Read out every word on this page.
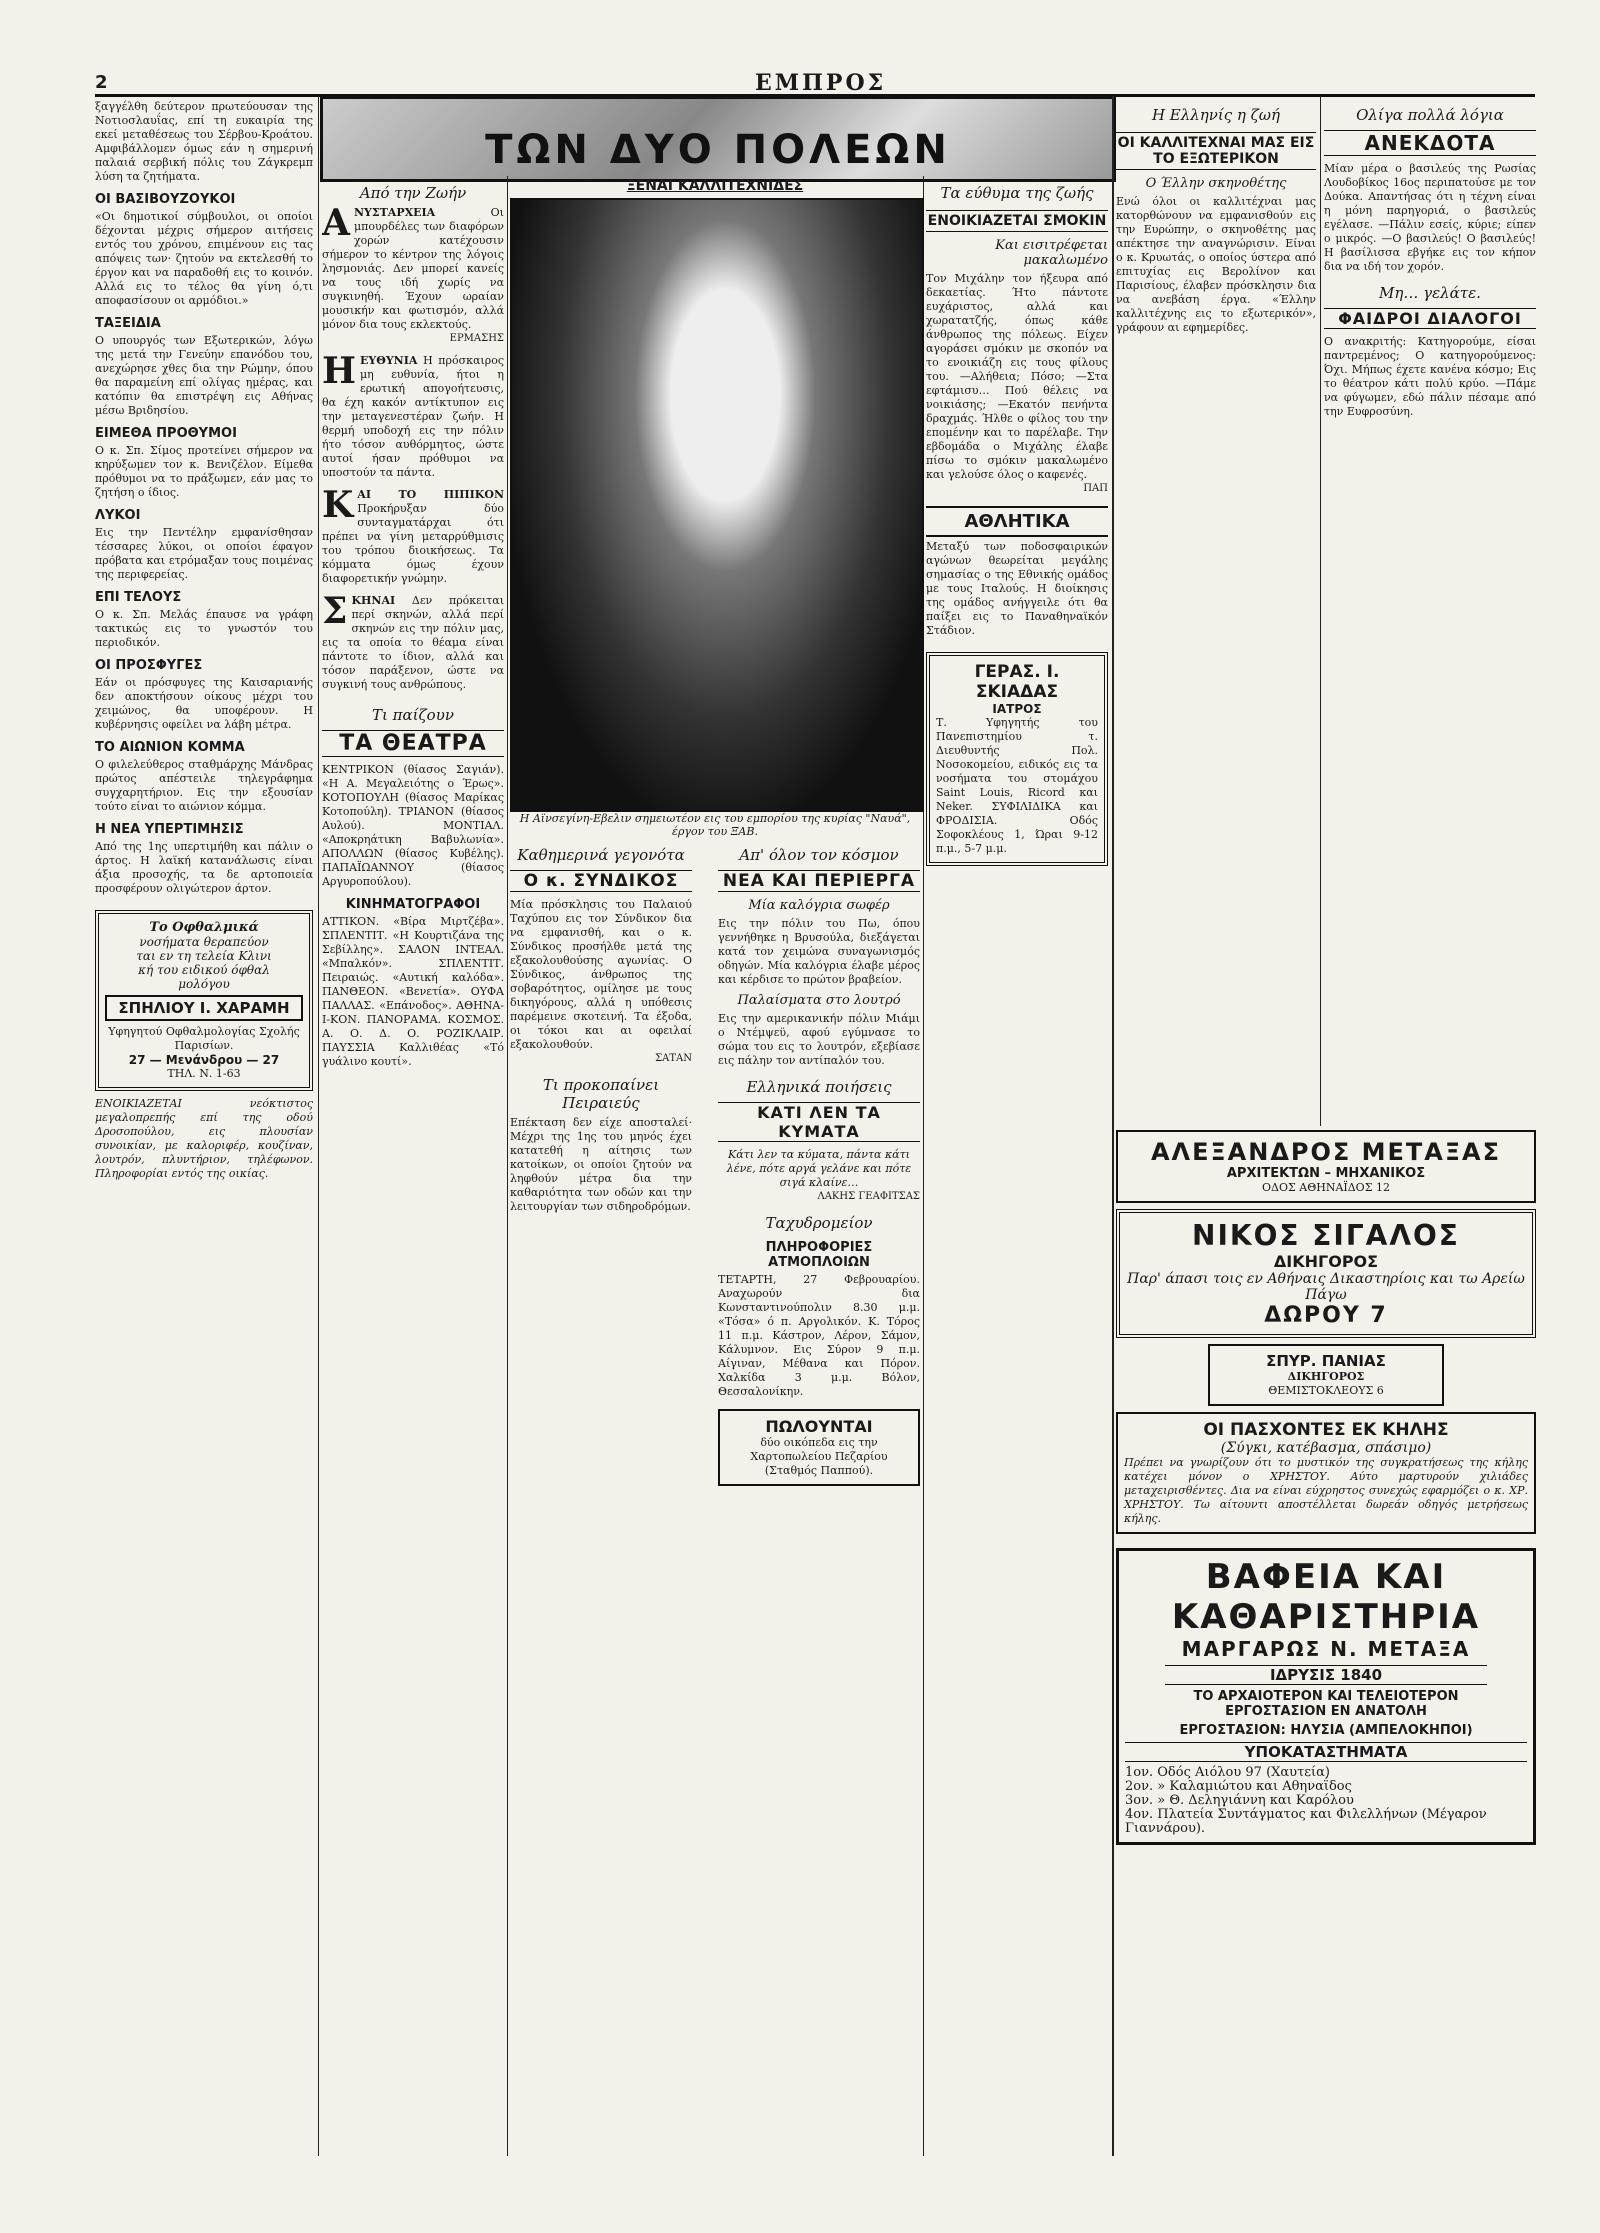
2	ΕΜΠΡΟΣ
ΤΩΝ ΔΥΟ ΠΟΛΕΩΝ
ξαγγέλθη δεύτερον πρωτεύουσαν της Νοτιοσλαυΐας, επί τη ευκαιρία της εκεί μεταθέσεως του Σέρβου-Κροάτου. Αμφιβάλλομεν όμως εάν η σημερινή παλαιά σερβική πόλις του Ζάγκρεμπ λύση τα ζητήματα.
ΟΙ ΒΑΣΙΒΟΥΖΟΥΚΟΙ
«Οι δημοτικοί σύμβουλοι, οι οποίοι δέχονται μέχρις σήμερον αιτήσεις εντός του χρόνου, επιμένουν εις τας απόψεις των· ζητούν να εκτελεσθή το έργον και να παραδοθή εις το κοινόν. Αλλά εις το τέλος θα γίνη ό,τι αποφασίσουν οι αρμόδιοι.»
ΤΑΞΕΙΔΙΑ
Ο υπουργός των Εξωτερικών, λόγω της μετά την Γενεύην επανόδου του, ανεχώρησε χθες δια την Ρώμην, όπου θα παραμείνη επί ολίγας ημέρας, και κατόπιν θα επιστρέψη εις Αθήνας μέσω Βριδησίου.
ΕΙΜΕΘΑ ΠΡΟΘΥΜΟΙ
Ο κ. Σπ. Σίμος προτείνει σήμερον να κηρύξωμεν τον κ. Βενιζέλον. Είμεθα πρόθυμοι να το πράξωμεν, εάν μας το ζητήση ο ίδιος.
ΛΥΚΟΙ
Εις την Πεντέλην εμφανίσθησαν τέσσαρες λύκοι, οι οποίοι έφαγον πρόβατα και ετρόμαξαν τους ποιμένας της περιφερείας.
ΕΠΙ ΤΕΛΟΥΣ
Ο κ. Σπ. Μελάς έπαυσε να γράφη τακτικώς εις το γνωστόν του περιοδικόν.
ΟΙ ΠΡΟΣΦΥΓΕΣ
Εάν οι πρόσφυγες της Καισαριανής δεν αποκτήσουν οίκους μέχρι του χειμώνος, θα υποφέρουν. Η κυβέρνησις οφείλει να λάβη μέτρα.
ΤΟ ΑΙΩΝΙΟΝ ΚΟΜΜΑ
Ο φιλελεύθερος σταθμάρχης Μάνδρας πρώτος απέστειλε τηλεγράφημα συγχαρητήριον. Εις την εξουσίαν τούτο είναι το αιώνιον κόμμα.
Η ΝΕΑ ΥΠΕΡΤΙΜΗΣΙΣ
Από της 1ης υπερτιμήθη και πάλιν ο άρτος. Η λαϊκή κατανάλωσις είναι άξια προσοχής, τα δε αρτοποιεία προσφέρουν ολιγώτερον άρτον.
Το Οφθαλμικά
νοσήματα θεραπεύον
ται εν τη τελεία Κλινι
κή του ειδικού όφθαλ
μολόγου
ΣΠΗΛΙΟΥ Ι. ΧΑΡΑΜΗ
Υφηγητού Οφθαλμολογίας Σχολής Παρισίων.
27 — Μενάνδρου — 27
ΤΗΛ. Ν. 1-63
ΕΝΟΙΚΙΑΖΕΤΑΙ νεόκτιστος μεγαλοπρεπής επί της οδού Δροσοπούλου, εις πλουσίαν συνοικίαν, με καλοριφέρ, κουζίναν, λουτρόν, πλυντήριον, τηλέφωνον. Πληροφορίαι εντός της οικίας.
Από την Ζωήν
Α ΝΥΣΤΑΡΧΕΙΑ	Οι μπουρδέλες των διαφόρων χορών κατέχουσιν σήμερον το κέντρον της λόγοις λησμονιάς. Δεν μπορεί κανείς να τους ιδή χωρίς να συγκινηθή. Έχουν ωραίαν μουσικήν και φωτισμόν, αλλά μόνον δια τους εκλεκτούς.
ΕΡΜΑΣΗΣ
Η ΕΥΘΥΝΙΑ Η πρόσκαιρος μη ευθυνία, ήτοι η ερωτική απογοήτευσις, θα έχη κακόν αντίκτυπον εις την μεταγενεστέραν ζωήν. Η θερμή υποδοχή εις την πόλιν ήτο τόσον αυθόρμητος, ώστε αυτοί ήσαν πρόθυμοι να υποστούν τα πάντα.
Κ ΑΙ ΤΟ ΠΙΠΙΚΟΝ Προκήρυξαν δύο συνταγματάρχαι ότι πρέπει να γίνη μεταρρύθμισις του τρόπου διοικήσεως. Τα κόμματα όμως έχουν διαφορετικήν γνώμην.
Σ ΚΗΝΑΙ Δεν πρόκειται περί σκηνών, αλλά περί σκηνών εις την πόλιν μας, εις τα οποία το θέαμα είναι πάντοτε το ίδιον, αλλά και τόσον παράξενον, ώστε να συγκινή τους ανθρώπους.
Τι παίζουν
ΤΑ ΘΕΑΤΡΑ
ΚΕΝΤΡΙΚΟΝ (θίασος Σαγιάν). «Η Α. Μεγαλειότης ο Έρως». ΚΟΤΟΠΟΥΛΗ (θίασος Μαρίκας Κοτοπούλη). ΤΡΙΑΝΟΝ (θίασος Αυλού). ΜΟΝΤΙΑΛ. «Αποκρηάτικη Βαβυλωνία». ΑΠΟΛΛΩΝ (θίασος Κυβέλης). ΠΑΠΑΪΩΑΝΝΟΥ (θίασος Αργυροπούλου).
ΚΙΝΗΜΑΤΟΓΡΑΦΟΙ
ΑΤΤΙΚΟΝ. «Βίρα Μιρτζέβα». ΣΠΛΕΝΤΙΤ. «Η Κουρτιζάνα της Σεβίλλης». ΣΑΛΟΝ ΙΝΤΕΑΛ. «Μπαλκόν». ΣΠΛΕΝΤΙΤ. Πειραιώς. «Αυτική καλόδα». ΠΑΝΘΕΟΝ. «Βενετία». ΟΥΦΑ ΠΑΛΛΑΣ. «Επάνοδος». ΑΘΗΝΑ-Ι-ΚΟΝ. ΠΑΝΟΡΑΜΑ. ΚΟΣΜΟΣ. Α. Ο. Δ. Ο. ΡΟΖΙΚΛΑΙΡ. ΠΑΥΣΣΙΑ Καλλιθέας «Τό γυάλινο κουτί».
ΞΕΝΑΙ ΚΑΛΛΙΤΕΧΝΙΔΕΣ
Η Αϊνσεγίνη-Εβελιν σημειωτέον εις του εμπορίου της κυρίας "Ναυά", έργον του ΞΑΒ.
Καθημερινά γεγονότα
Ο κ. ΣΥΝΔΙΚΟΣ
Μία πρόσκλησις του Παλαιού Ταχύπου εις τον Σύνδικον δια να εμφανισθή, και ο κ. Σύνδικος προσήλθε μετά της εξακολουθούσης αγωνίας. Ο Σύνδικος, άνθρωπος της σοβαρότητος, ομίλησε με τους δικηγόρους, αλλά η υπόθεσις παρέμεινε σκοτεινή. Τα έξοδα, οι τόκοι και αι οφειλαί εξακολουθούν.
ΣΑΤΑΝ
Τι προκοπαίνει Πειραιεύς
Επέκταση δεν είχε αποσταλεί· Μέχρι της 1ης του μηνός έχει κατατεθή η αίτησις των κατοίκων, οι οποίοι ζητούν να ληφθούν μέτρα δια την καθαριότητα των οδών και την λειτουργίαν των σιδηροδρόμων.
Απ' όλον τον κόσμον
ΝΕΑ ΚΑΙ ΠΕΡΙΕΡΓΑ
Μία καλόγρια σωφέρ
Εις την πόλιν του Πω, όπου γεννήθηκε η Βρυσούλα, διεξάγεται κατά τον χειμώνα συναγωνισμός οδηγών. Μία καλόγρια έλαβε μέρος και κέρδισε το πρώτον βραβείον.
Παλαίσματα στο λουτρό
Εις την αμερικανικήν πόλιν Μιάμι ο Ντέμψεϋ, αφού εγύμνασε το σώμα του εις το λουτρόν, εξεβίασε εις πάλην τον αντίπαλόν του.
Ελληνικά ποιήσεις
ΚΑΤΙ ΛΕΝ ΤΑ ΚΥΜΑΤΑ
Κάτι λεν τα κύματα, πάντα κάτι λένε, πότε αργά γελάνε και πότε σιγά κλαίνε…
ΛΑΚΗΣ ΓΕΑΦΙΤΣΑΣ
Ταχυδρομείον
ΠΛΗΡΟΦΟΡΙΕΣ ΑΤΜΟΠΛΟΙΩΝ
ΤΕΤΑΡΤΗ, 27 Φεβρουαρίου. Αναχωρούν δια Κωνσταντινούπολιν 8.30 μ.μ. «Τόσα» ό π. Αργολικόν. Κ. Τόρος 11 π.μ. Κάστρον, Λέρον, Σάμον, Κάλυμνον. Εις Σύρον 9 π.μ. Αίγιναν, Μέθανα και Πόρον. Χαλκίδα 3 μ.μ. Βόλον, Θεσσαλονίκην.
ΠΩΛΟΥΝΤΑΙ
δύο οικόπεδα εις την Χαρτοπωλείου Πεζαρίου (Σταθμός Παππού).
Τα εύθυμα της ζωής
ΕΝΟΙΚΙΑΖΕΤΑΙ ΣΜΟΚΙΝ
Και εισιτρέφεται μακαλωμένο
Τον Μιχάλην τον ήξευρα από δεκαετίας. Ήτο πάντοτε ευχάριστος, αλλά και χωρατατζής, όπως κάθε άνθρωπος της πόλεως. Είχεν αγοράσει σμόκιν με σκοπόν να το ενοικιάζη εις τους φίλους του. —Αλήθεια; Πόσο; —Στα εφτάμισυ… Πού θέλεις να νοικιάσης; —Εκατόν πενήντα δραχμάς. Ήλθε ο φίλος του την επομένην και το παρέλαβε. Την εβδομάδα ο Μιχάλης έλαβε πίσω το σμόκιν μακαλωμένο και γελούσε όλος ο καφενές.
ΠΑΠ
ΑΘΛΗΤΙΚΑ
Μεταξύ των ποδοσφαιρικών αγώνων θεωρείται μεγάλης σημασίας ο της Εθνικής ομάδος με τους Ιταλούς. Η διοίκησις της ομάδος ανήγγειλε ότι θα παίξει εις το Παναθηναϊκόν Στάδιον.
ΓΕΡΑΣ. Ι. ΣΚΙΑΔΑΣ
ΙΑΤΡΟΣ
Τ. Υφηγητής του Πανεπιστημίου τ. Διευθυντής Πολ. Νοσοκομείου, ειδικός εις τα νοσήματα του στομάχου Saint Louis, Ricord και Neker. ΣΥΦΙΛΙΔΙΚΑ και ΦΡΟΔΙΣΙΑ. Οδός Σοφοκλέους 1, Ώραι 9-12 π.μ., 5-7 μ.μ.
Η Ελληνίς η ζωή
ΟΙ ΚΑΛΛΙΤΕΧΝΑΙ ΜΑΣ ΕΙΣ ΤΟ ΕΞΩΤΕΡΙΚΟΝ
Ο Έλλην σκηνοθέτης
Ενώ όλοι οι καλλιτέχναι μας κατορθώνουν να εμφανισθούν εις την Ευρώπην, ο σκηνοθέτης μας απέκτησε την αναγνώρισιν. Είναι ο κ. Κρυωτάς, ο οποίος ύστερα από επιτυχίας εις Βερολίνον και Παρισίους, έλαβεν πρόσκλησιν δια να ανεβάση έργα. «Έλλην καλλιτέχνης εις το εξωτερικόν», γράφουν αι εφημερίδες.
Ολίγα πολλά λόγια
ΑΝΕΚΔΟΤΑ
Μίαν μέρα ο βασιλεύς της Ρωσίας Λουδοβίκος 16ος περιπατούσε με τον Δούκα. Απαντήσας ότι η τέχνη είναι η μόνη παρηγοριά, ο βασιλεύς εγέλασε. —Πάλιν εσείς, κύριε; είπεν ο μικρός. —Ο βασιλεύς! Ο βασιλεύς! Η βασίλισσα εβγήκε εις τον κήπον δια να ιδή τον χορόν.
Μη… γελάτε.
ΦΑΙΔΡΟΙ ΔΙΑΛΟΓΟΙ
Ο ανακριτής: Κατηγορούμε, είσαι παντρεμένος; Ο κατηγορούμενος: Όχι. Μήπως έχετε κανένα κόσμο; Εις το θέατρον κάτι πολύ κρύο. —Πάμε να φύγωμεν, εδώ πάλιν πέσαμε από την Ευφροσύνη.
ΑΛΕΞΑΝΔΡΟΣ ΜΕΤΑΞΑΣ
ΑΡΧΙΤΕΚΤΩΝ – ΜΗΧΑΝΙΚΟΣ
ΟΔΟΣ ΑΘΗΝΑΪΔΟΣ 12
ΝΙΚΟΣ ΣΙΓΑΛΟΣ
ΔΙΚΗΓΟΡΟΣ
Παρ' άπασι τοις εν Αθήναις Δικαστηρίοις και τω Αρείω Πάγω
ΔΩΡΟΥ 7
ΣΠΥΡ. ΠΑΝΙΑΣ
ΔΙΚΗΓΟΡΟΣ
ΘΕΜΙΣΤΟΚΛΕΟΥΣ 6
ΟΙ ΠΑΣΧΟΝΤΕΣ ΕΚ ΚΗΛΗΣ
(Σύγκι, κατέβασμα, σπάσιμο)
Πρέπει να γνωρίζουν ότι το μυστικόν της συγκρατήσεως της κήλης κατέχει μόνον ο ΧΡΗΣΤΟΥ. Αύτο μαρτυρούν χιλιάδες μεταχειρισθέντες. Δια να είναι εύχρηστος συνεχώς εφαρμόζει ο κ. ΧΡ. ΧΡΗΣΤΟΥ. Τω αίτουντι αποστέλλεται δωρεάν οδηγός μετρήσεως κήλης.
ΒΑΦΕΙΑ ΚΑΙ ΚΑΘΑΡΙΣΤΗΡΙΑ
ΜΑΡΓΑΡΩΣ Ν. ΜΕΤΑΞΑ
ΙΔΡΥΣΙΣ 1840
ΤΟ ΑΡΧΑΙΟΤΕΡΟΝ ΚΑΙ ΤΕΛΕΙΟΤΕΡΟΝ
ΕΡΓΟΣΤΑΣΙΟΝ ΕΝ ΑΝΑΤΟΛΗ
ΕΡΓΟΣΤΑΣΙΟΝ: ΗΛΥΣΙΑ (ΑΜΠΕΛΟΚΗΠΟΙ)
ΥΠΟΚΑΤΑΣΤΗΜΑΤΑ
1ον. Οδός Αιόλου 97 (Χαυτεία)
2ον. » Καλαμιώτου και Αθηναΐδος
3ον. » Θ. Δεληγιάννη και Καρόλου
4ον. Πλατεία Συντάγματος και Φιλελλήνων (Μέγαρον Γιαννάρου).
